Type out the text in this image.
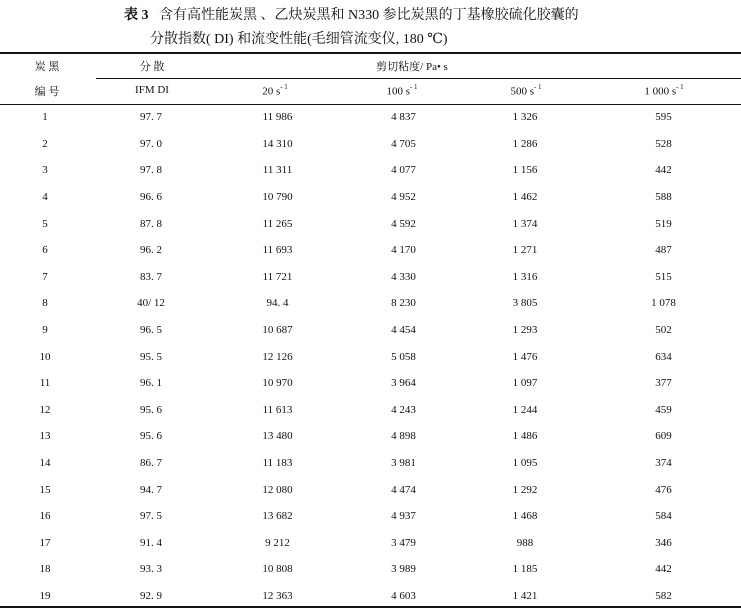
表 3 含有高性能炭黑 、乙炔炭黑和 N330 参比炭黑的丁基橡胶硫化胶囊的
分散指数( DI) 和流变性能(毛细管流变仪, 180 ℃)
炭 黑
编 号
分 散	剪切粘度/ Pa• s
IFM DI	20 $s^{- 1}$	100 $s^{- 1}$	500 $s^{- 1}$	1 000 $s^{- 1}$
1	97. 7	11 986	4 837	1 326	595
2	97. 0	14 310	4 705	1 286	528
3	97. 8	11 311	4 077	1 156	442
4	96. 6	10 790	4 952	1 462	588
5	87. 8	11 265	4 592	1 374	519
6	96. 2	11 693	4 170	1 271	487
7	83. 7	11 721	4 330	1 316	515
8	40/ 12	94. 4	8 230	3 805	1 078
9	96. 5	10 687	4 454	1 293	502
10	95. 5	12 126	5 058	1 476	634
11	96. 1	10 970	3 964	1 097	377
12	95. 6	11 613	4 243	1 244	459
13	95. 6	13 480	4 898	1 486	609
14	86. 7	11 183	3 981	1 095	374
15	94. 7	12 080	4 474	1 292	476
16	97. 5	13 682	4 937	1 468	584
17	91. 4	9 212	3 479	988	346
18	93. 3	10 808	3 989	1 185	442
19	92. 9	12 363	4 603	1 421	582
